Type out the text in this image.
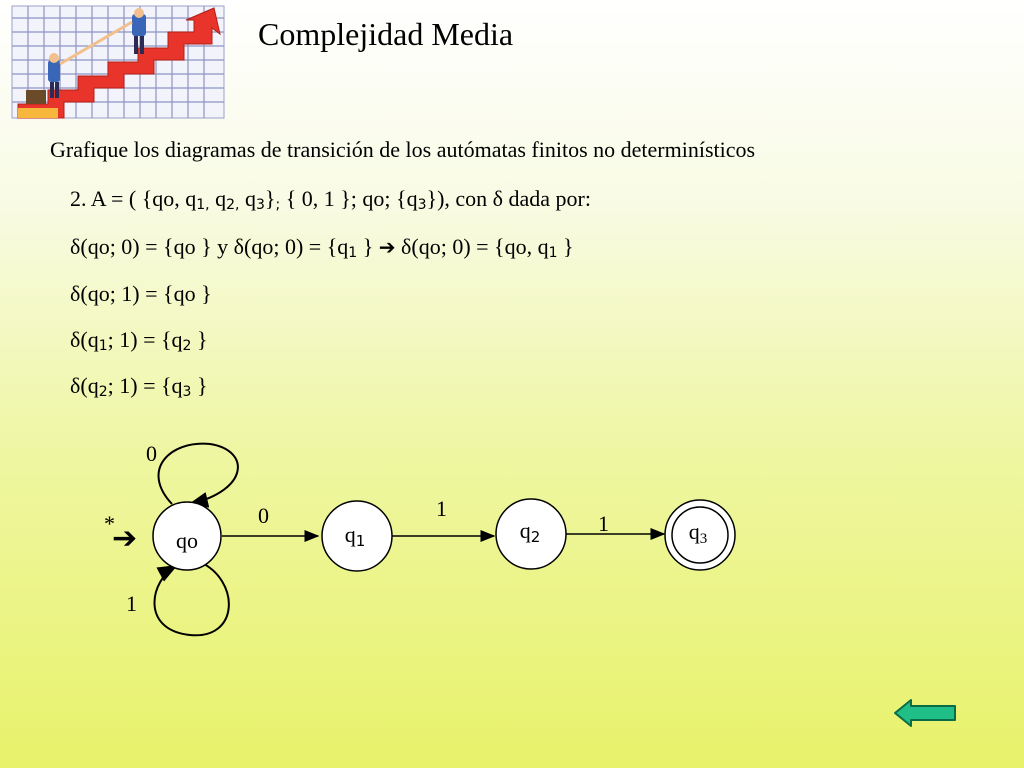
Complejidad Media
Grafique los diagramas de transición de los autómatas finitos no determinísticos
2. A = ( {qo, $q_{1,}$ $q_{2,}$ $q_3\}_;$ { 0, 1 }; qo; $\{q_3\}$), con δ dada por:
δ(qo; 0) = {qo } y δ(qo; $0) = \{q_1$ } ➔ δ(qo; 0) = {qo, $q_1$ }
δ(qo; 1) = {qo }
$\delta(q_1$; $1) = \{q_2$ }
$\delta(q_2$; $1) = \{q_3$ }
0
1
*
➔
0	1
1
qo	q1	q2	q3
